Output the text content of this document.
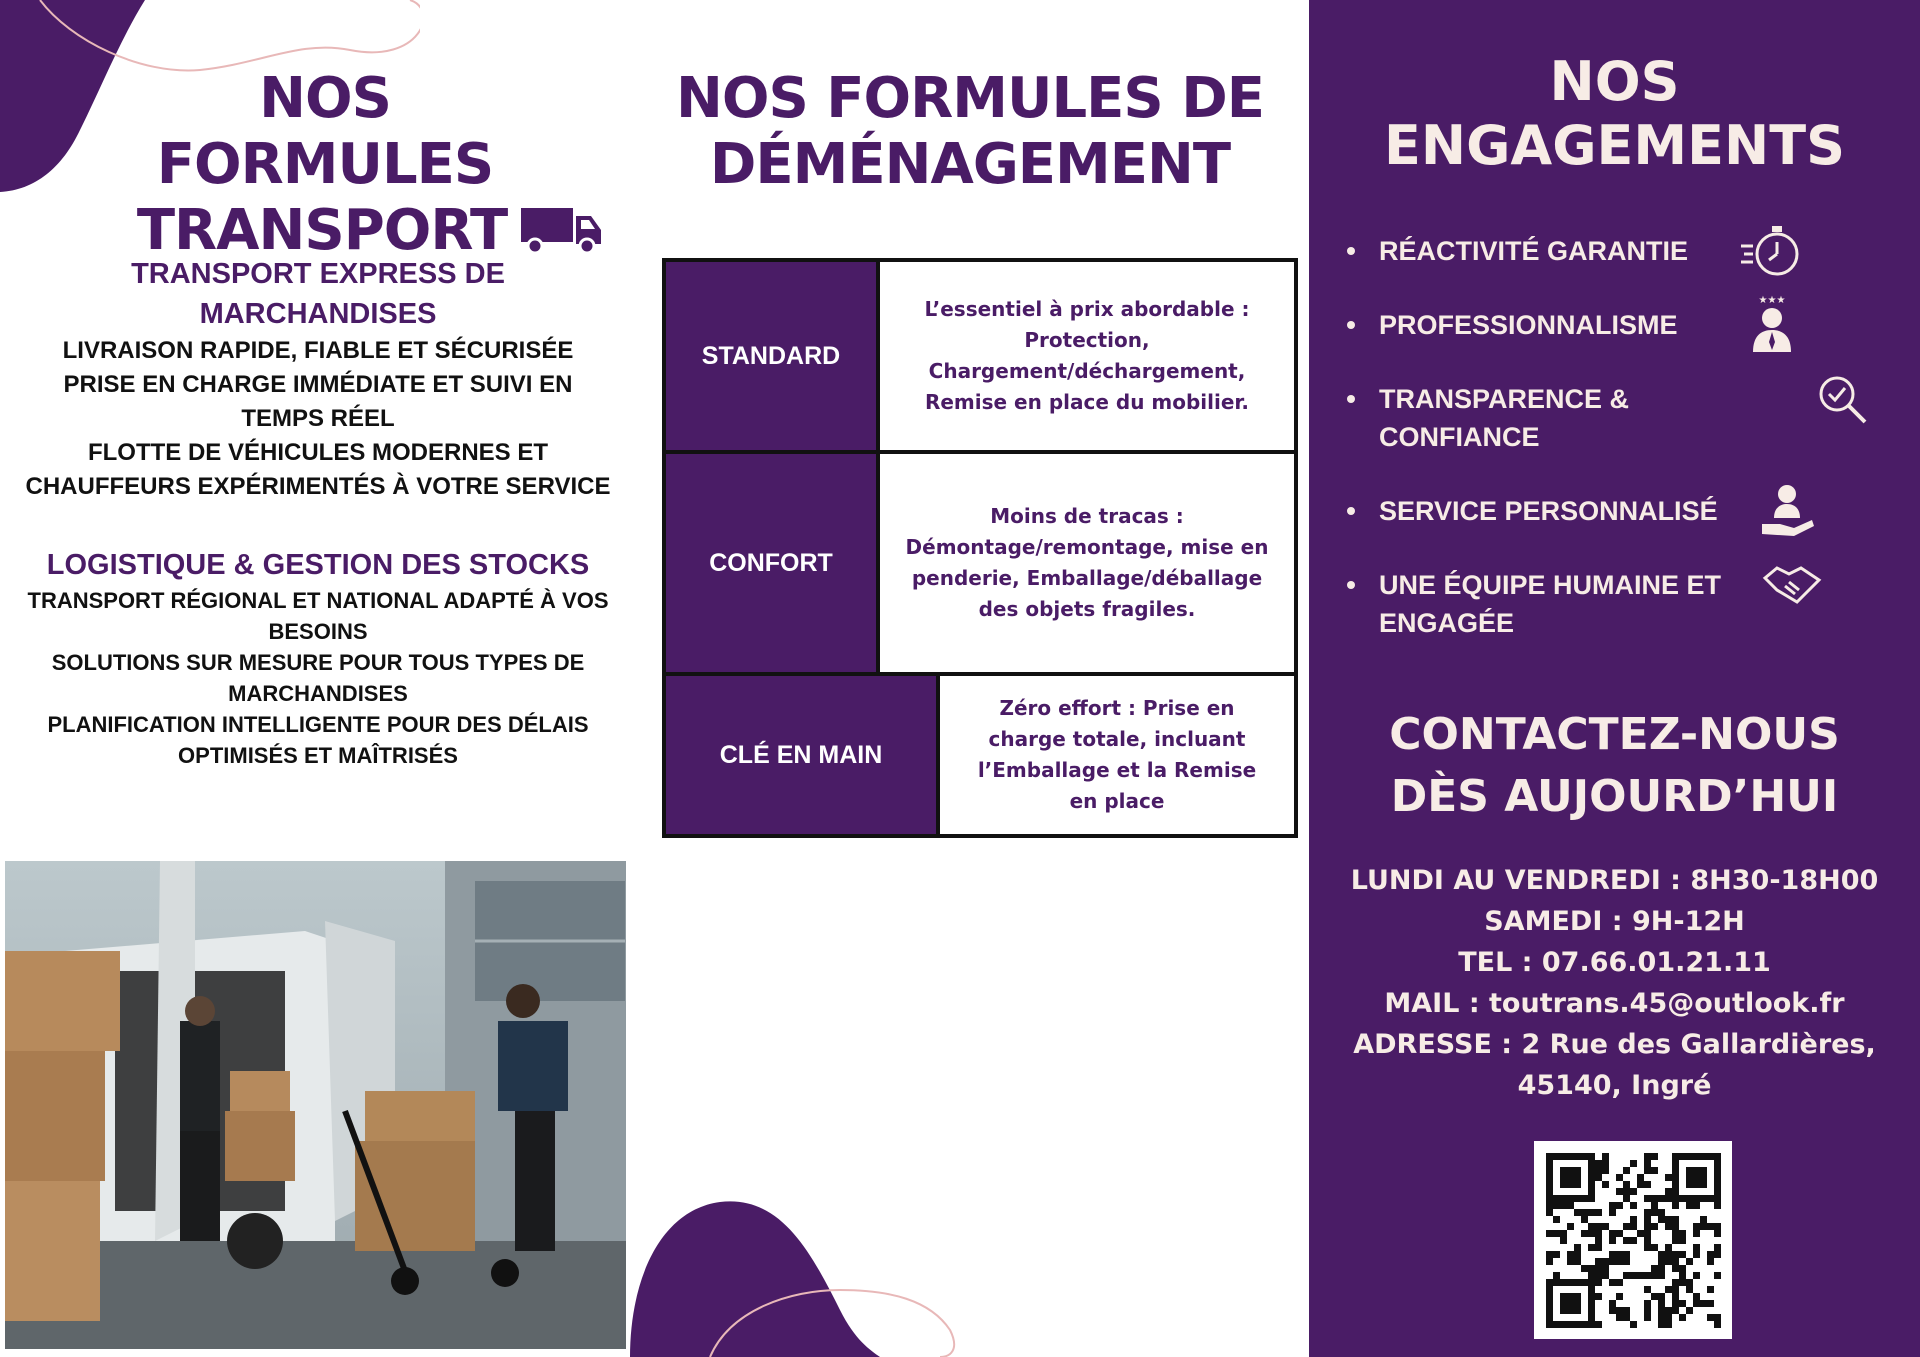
NOS FORMULES
TRANSPORT
TRANSPORT EXPRESS DE MARCHANDISES

LIVRAISON RAPIDE, FIABLE ET SÉCURISÉE

PRISE EN CHARGE IMMÉDIATE ET SUIVI EN TEMPS RÉEL

FLOTTE DE VÉHICULES MODERNES ET CHAUFFEURS EXPÉRIMENTÉS À VOTRE SERVICE

LOGISTIQUE & GESTION DES STOCKS

TRANSPORT RÉGIONAL ET NATIONAL ADAPTÉ À VOS BESOINS

SOLUTIONS SUR MESURE POUR TOUS TYPES DE MARCHANDISES

PLANIFICATION INTELLIGENTE POUR DES DÉLAIS OPTIMISÉS ET MAÎTRISÉS

NOS FORMULES DE
DÉMÉNAGEMENT
STANDARD
L’essentiel à prix abordable : Protection, Chargement/déchargement, Remise en place du mobilier.
CONFORT
Moins de tracas : Démontage/remontage, mise en penderie, Emballage/déballage des objets fragiles.
CLÉ EN MAIN
Zéro effort : Prise en charge totale, incluant l’Emballage et la Remise en place
NOS
ENGAGEMENTS
RÉACTIVITÉ GARANTIE
PROFESSIONNALISME
★★★
TRANSPARENCE & CONFIANCE
SERVICE PERSONNALISÉ
UNE ÉQUIPE HUMAINE ET ENGAGÉE
CONTACTEZ-NOUS
DÈS AUJOURD’HUI
LUNDI AU VENDREDI : 8H30-18H00
SAMEDI : 9H-12H
TEL : 07.66.01.21.11
MAIL : toutrans.45@outlook.fr
ADRESSE : 2 Rue des Gallardières,
45140, Ingré
